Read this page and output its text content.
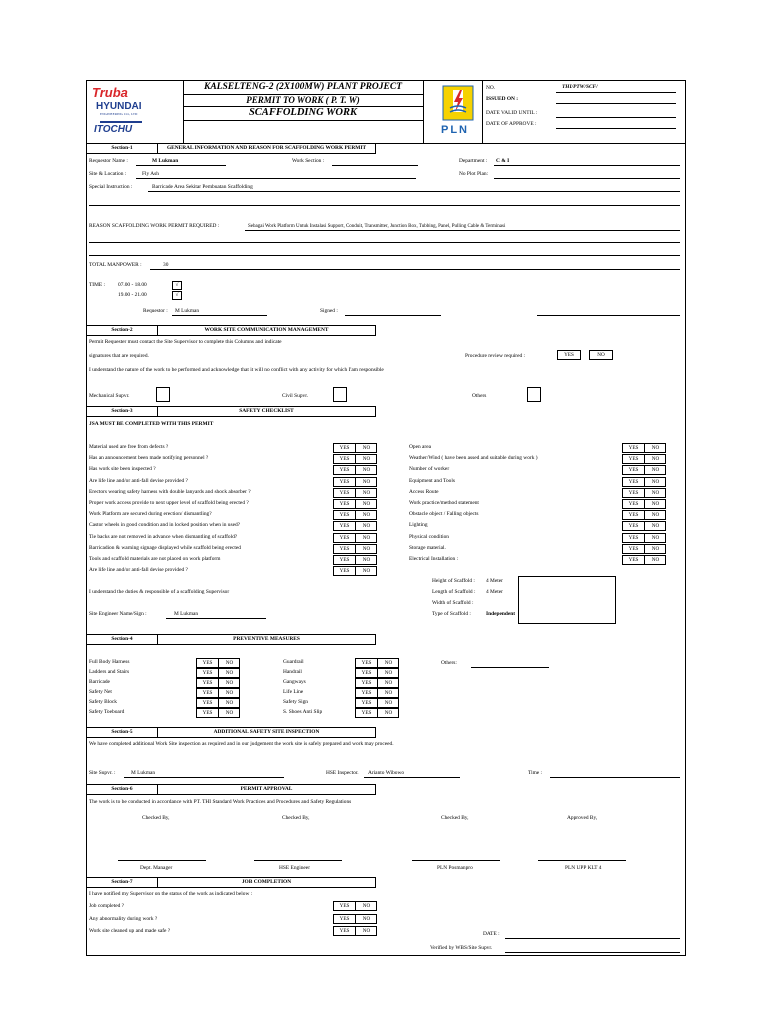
Truba
HYUNDAI
ENGINEERING CO., LTD
ITOCHU
KALSELTENG-2 (2X100MW) PLANT PROJECT
PERMIT TO WORK ( P. T. W)
SCAFFOLDING WORK
PLN
NO.	THI/PTW/SCF/
ISSUED ON :
DATE VALID UNTIL :
DATE OF APPROVE :
Section-1	GENERAL INFORMATION AND REASON FOR SCAFFOLDING WORK PERMIT
Requestor Name :	M Lukman	Work Section :	Department : C & I
Site & Location :	Fly Ash	No Plot Plan:
Special Instruction :	Barricade Area Sekitar Pembuatan Scaffolding
REASON SCAFFOLDING WORK PERMIT REQUIRED :	Sebagai Work Platform Untuk Instalasi Support, Conduit, Transmitter, Junction Box, Tubbing, Panel, Pulling Cable & Terminasi
TOTAL MANPOWER :	30
TIME : 07.00 - 18.00	√
19.00 - 21.00	√
Requestor : M Lukman	Signed :
Section-2	WORK SITE COMMUNICATION MANAGEMENT
Permit Requester must contact the Site Supervisor to complete this Columns and indicate
signatures that are required.	Procedure review required :	YES	NO
I understand the nature of the work to be performed and acknowledge that it will no conflict with any activity for which I'am responsible
Mechanical Supvr.	Civil Supvr.	Others
Section-3	SAFETY CHECKLIST
JSA MUST BE COMPLETED WITH THIS PERMIT
Height of Scaffold : 4 Meter
Length of Scaffold : 4 Meter
Width of Scaffold :
Type of Scaffold :	Independent
I understand the duties & responsible of a scaffolding Supervisor
Site Engineer Name/Sign :	M Lukman
Section-4	PREVENTIVE MEASURES
Others:
Section-5	ADDITIONAL SAFETY SITE INSPECTION
We have completed additional Work Site inspection as required and in our judgement the work site is safely prepared and work may proceed.
Site Supvr. :	M Lukman	HSE Inspector. Arianto Wibowo	Time :
Section-6	PERMIT APPROVAL
The work is to be conducted in accordance with PT. THI Standard Work Practices and Procedures and Safety Regulations
Checked By,	Checked By,	Checked By,	Approved By,
Dept. Manager	HSE Engineer	PLN Posmanpro	PLN UPP KLT 4
Section-7	JOB COMPLETION
I have notified my Supervisor on the status of the work as indicated below :
DATE :
Verified by WBS/Site Supvr.
Material used are free from defects ?	YES	NO
Has an announcement been made notifying personnel ?	YES	NO
Has work site been inspected ?	YES	NO
Are life line and/or anti-fall devise provided ?	YES	NO
Erectors wearing safety harness with double lanyards and shock absorber ?	YES	NO
Proper work access provide to next upper level of scaffold being erected ?	YES	NO
Work Platform are secured during erection/ dismantling?	YES	NO
Castor wheels in good condition and in locked position when in used?	YES	NO
Tie backs are not removed in advance when dismantling of scaffold?	YES	NO
Barricadion & warning signage displayed while scaffold being erected	YES	NO
Tools and scaffold materials are not placed on work platform	YES	NO
Are life line and/or anti-fall devise provided ?	YES	NO
Open area	YES	NO
Weather/Wind ( have been assed and suitable during work )	YES	NO
Number of worker	YES	NO
Equipment and Tools	YES	NO
Access Route	YES	NO
Work practice/method statement	YES	NO
Obstacle object / Falling objects	YES	NO
Lighting	YES	NO
Physical condition	YES	NO
Storage material.	YES	NO
Electrical Installation :	YES	NO
Full Body Harness	YES	NO	Guardrail	YES	NO
Ladders and Stairs	YES	NO	Handrail	YES	NO
Barricade	YES	NO	Gangways	YES	NO
Safety Net	YES	NO	Life Line	YES	NO
Safety Block	YES	NO	Safety Sign	YES	NO
Safety Toeboard	YES	NO	S. Shoes Anti Slip	YES	NO
Job completed ?	YES	NO
Any abnormality during work ?	YES	NO
Work site cleaned up and made safe ?	YES	NO
